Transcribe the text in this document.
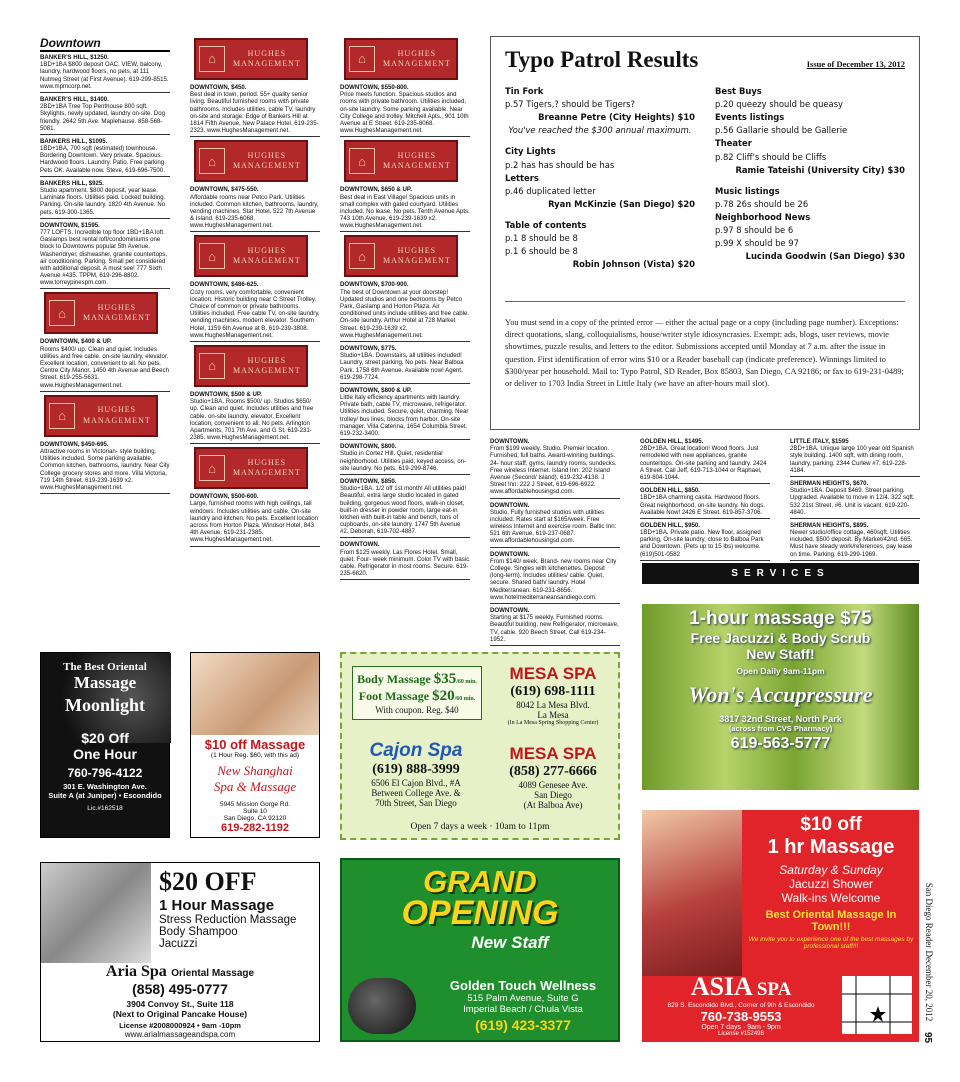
Downtown
BANKER'S HILL, $1250.
1BD+1BA $800 deposit OAC. VIEW, balcony, laundry, hardwood floors, no pets, at 111 Nutmeg Street (at First Avenue). 619-299-8515. www.mpmcorp.net.
BANKER'S HILL, $1400.
2BD+1BA Tree Top Penthouse 800 sqft. Skylights, newly updated, laundry on-site. Dog friendly. 2642 5th Ave. Maplehause. 858-568-5081.
BANKERS HILL, $1095.
1BD+1BA, 700 sqft (estimated) townhouse. Bordering Downtown. Very private. Spacious. Hardwood floors. Laundry. Patio. Free parking. Pets OK. Available now. Steve, 619-696-7500.
BANKERS HILL, $925.
Studio apartment. $800 deposit, year lease. Laminate floors. Utilities paid. Locked building. Parking. On-site laundry. 1820 4th Avenue. No pets. 619-300-1365.
DOWNTOWN, $1595.
777 LOFTS. Incredible top floor 1BD+1BA loft. Gaslamps best rental loft/condominiums one block to Downtowns popular 5th Avenue. Washer/dryer, dishwasher, granite countertops, air conditioning. Parking. Small pet considered with additional deposit. A must see! 777 Sixth Avenue #435. TPPM, 619-296-8802. www.torreypinespm.com.
⌂	HUGHES
MANAGEMENT
DOWNTOWN, $400 & UP.
Rooms $400/ up. Clean and quiet. Includes utilities and free cable. on-site laundry, elevator. Excellent location, convenient to all. No pets. Centre City Manor, 1450 4th Avenue and Beech Street. 619-255-5631. www.HughesManagement.net.
⌂	HUGHES
MANAGEMENT
DOWNTOWN, $450-695.
Attractive rooms in Victorian- style building. Utilities included. Some parking available. Common kitchen, bathrooms, laundry. Near City College grocery stores and more. Villa Victoria, 719 14th Street. 619-239-1639 x2. www.HughesManagement.net.
⌂	HUGHES
MANAGEMENT
DOWNTOWN, $450.
Best deal in town, period. 55+ quality senior living. Beautiful furnished rooms with private bathrooms. Includes utilities, cable TV, laundry on-site and storage. Edge of Bankers Hill at 1814 Fifth Avenue, New Palace Hotel. 619-235-2323. www.HughesManagement.net.
⌂	HUGHES
MANAGEMENT
DOWNTOWN, $475-550.
Affordable rooms near Petco Park. Utilities included. Common kitchen, bathrooms, laundry, vending machines. Star Hotel, 522 7th Avenue & Island. 619-235-6068. www.HughesManagement.net.
⌂	HUGHES
MANAGEMENT
DOWNTOWN, $486-625.
Cozy rooms, very comfortable, convenient location. Historic building near C Street Trolley. Choice of common or private bathrooms. Utilities included. Free cable TV, on-site laundry, vending machines, modern elevator. Southern Hotel, 1159 6th Avenue at B. 619-239-3808. www.HughesManagement.net.
⌂	HUGHES
MANAGEMENT
DOWNTOWN, $500 & UP.
Studio+1BA. Rooms $500/ up. Studios $650/ up. Clean and quiet. Includes utilities and free cable. on-site laundry, elevator. Excellent location, convenient to all. No pets. Arlington Apartments, 701 7th Ave. and G St. 619-231-2385. www.HughesManagement.net.
⌂	HUGHES
MANAGEMENT
DOWNTOWN, $500-600.
Large, furnished rooms with high ceilings, tall windows. Includes utilities and cable. On-site laundry and kitchen. No pets. Excellent location across from Horton Plaza. Windsor Hotel, 843 4th Avenue. 619-231-2385. www.HughesManagement.net.
⌂	HUGHES
MANAGEMENT
DOWNTOWN, $550-800.
Price meets function. Spacious studios and rooms with private bathroom. Utilities included, on-site laundry. Some parking available. Near City College and trolley. Mitchell Apts., 901 10th Avenue at E Street. 619-235-8068. www.HughesManagement.net.
⌂	HUGHES
MANAGEMENT
DOWNTOWN, $650 & UP.
Best deal in East Village! Spacious units in small complex with gated courtyard. Utilities included. No lease. No pets. Tenth Avenue Apts. 743 10th Avenue. 619-239-1639 x2. www.HughesManagement.net.
⌂	HUGHES
MANAGEMENT
DOWNTOWN, $700-900.
The best of Downtown at your doorstep! Updated studios and one bedrooms by Petco Park, Gaslamp and Horton Plaza. Air conditioned units include utilities and free cable. On-site laundry. Arthur Hotel at 728 Market Street. 619-239-1639 x2. www.HughesManagement.net.
DOWNTOWN, $775.
Studio+1BA. Downstairs, all utilities included! Laundry, street parking. No pets. Near Balboa Park. 1758 6th Avenue. Available now! Agent, 619-298-7724.
DOWNTOWN, $800 & UP.
Little Italy efficiency apartments with laundry. Private bath, cable TV, microwave, refrigerator. Utilities included. Secure, quiet, charming. Near trolley/ bus lines, blocks from harbor. On-site manager. Villa Caterina, 1654 Columbia Street. 619-232-3400.
DOWNTOWN, $800.
Studio in Cortez Hill. Quiet, residential neighborhood. Utilities paid, keyed access, on-site laundry. No pets. 619-299-8746.
DOWNTOWN, $850.
Studio+1BA. 1/2 off 1st month! All utilities paid! Beautiful, extra large studio located in gated building, gorgeous wood floors, walk-in closet, built-in dresser in powder room, large eat-in kitchen with built-in table and bench, tons of cupboards, on-site laundry. 1747 5th Avenue #2. Deborah, 619-702-4887.
DOWNTOWN.
From $125 weekly. Las Flores Hotel. Small, quiet. Four- week minimum. Color TV with basic cable. Refrigerator in most rooms. Secure. 619-235-6820.
DOWNTOWN.
From $199 weekly. Studio. Premier location. Furnished, full baths. Award-winning buildings. 24- hour staff, gyms, laundry rooms, sundecks. Free wireless Internet. Island Inn: 202 Island Avenue (Second/ Island), 619-232-4138. J Street Inn: 222 J Street, 619-696-6922. www.affordablehousingsd.com.
DOWNTOWN.
Studio. Fully furnished studios with utilities included. Rates start at $165/week. Free wireless Internet and exercise room. Baltic Inn: 521 6th Avenue, 619-237-0687. www.affordablehousingsd.com.
DOWNTOWN.
From $140/ week. Brand- new rooms near City College. Singles with kitchenettes. Deposit (long-term). Includes utilities/ cable. Quiet, secure. Shared bath/ laundry. Hotel Mediterranean. 619-231-8656. www.hotelmediterraneansandiego.com.
DOWNTOWN.
Starting at $175 weekly. Furnished rooms. Beautiful building, new Refrigerator, microwave, TV, cable. 920 Beech Street. Call 619-234-1952.
GOLDEN HILL, $1495.
2BD+1BA. Great location! Wood floors. Just remodeled with new appliances, granite countertops. On-site parking and laundry. 2424 A Street. Call Jeff, 619-713-1044 or Raphael, 619-804-1044.
GOLDEN HILL, $850.
1BD+1BA charming casita. Hardwood floors. Great neighborhood, on-site laundry. No dogs. Available Now! 2426 E Street. 619-857-3706.
GOLDEN HILL, $950.
1BD+1BA. Private patio. New floor, assigned parking, On-site laundry, close to Balboa Park and Downtown. (Pets up to 15 lbs) welcome. (619)501-0582
LITTLE ITALY, $1595
2BD+1BA. Unique large 100 year old Spanish style building. 1400 sqft, with dining room, laundry, parking. 2344 Curlew #7. 619-228-4184.
SHERMAN HEIGHTS, $670.
Studio+1BA. Deposit $469. Street parking. Upgraded. Available to move in 12/4. 322 sqft. 532 21st Street, #6. Unit is vacant. 619-220-4840.
SHERMAN HEIGHTS, $895.
Newer studio/office cottage, 460sqft. Utilities included. $500 deposit. By Market/42nd. 665. Must have steady work/references, pay lease on time. Parking. 619-299-1969.
Typo Patrol Results	Issue of December 13, 2012
Tin Fork
p.57 Tigers,? should be Tigers?
Breanne Petre (City Heights) $10
You've reached the $300 annual maximum.
City Lights
p.2 has has should be has
Letters
p.46 duplicated letter
Ryan McKinzie (San Diego) $20
Table of contents
p.1 8 should be 8
p.1 6 should be 8
Robin Johnson (Vista) $20
Best Buys
p.20 queezy should be queasy
Events listings
p.56 Gallarie should be Gallerie
Theater
p.82 Cliff's should be Cliffs
Ramie Tateishi (University City) $30
Music listings
p.78 26s should be 26
Neighborhood News
p.97 8 should be 6
p.99 X should be 97
Lucinda Goodwin (San Diego) $30
You must send in a copy of the printed error — either the actual page or a copy (including page number). Exceptions: direct quotations, slang, colloquialisms, house/writer style idiosyncrasies. Exempt: ads, blogs, user reviews, movie showtimes, puzzle results, and letters to the editor. Submissions accepted until Monday at 7 a.m. after the issue in question. First identification of error wins $10 or a Reader baseball cap (indicate preference). Winnings limited to $300/year per household. Mail to: Typo Patrol, SD Reader, Box 85803, San Diego, CA 92186; or fax to 619-231-0489; or deliver to 1703 India Street in Little Italy (we have an after-hours mail slot).
SERVICES
The Best Oriental
Massage
Moonlight
$20 Off
One Hour
760-796-4122
301 E. Washington Ave.
Suite A (at Juniper) • Escondido
Lic.#162518
$10 off Massage
(1 Hour Reg. $60, with this ad)
New Shanghai
Spa & Massage
5945 Mission Gorge Rd.
Suite 10
San Diego, CA 92120
619-282-1192
Body Massage $35/60 min.
Foot Massage $20/60 min.
With coupon. Reg. $40
MESA SPA
(619) 698-1111
8042 La Mesa Blvd.
La Mesa
(In La Mesa Spring Shopping Center)
Cajon Spa
(619) 888-3999
6506 El Cajon Blvd., #A
Between College Ave. &
70th Street, San Diego
MESA SPA
(858) 277-6666
4089 Genesee Ave.
San Diego
(At Balboa Ave)
Open 7 days a week · 10am to 11pm
1-hour massage $75
Free Jacuzzi & Body Scrub
New Staff!
Open Daily 9am-11pm
Won's Accupressure
3817 32nd Street, North Park
(across from CVS Pharmacy)
619-563-5777
$20 OFF
1 Hour Massage
Stress Reduction Massage
Body Shampoo
Jacuzzi
Aria Spa Oriental Massage
(858) 495-0777
3904 Convoy St., Suite 118
(Next to Original Pancake House)
License #2008000924 • 9am -10pm
www.arialmassageandspa.com
GRAND
OPENING
New Staff
Golden Touch Wellness
515 Palm Avenue, Suite G
Imperial Beach / Chula Vista
(619) 423-3377
$10 off
1 hr Massage
Saturday & Sunday
Jacuzzi Shower
Walk-ins Welcome
Best Oriental Massage In Town!!!
We invite you to experience one of the best massages by professional staff!!!
ASIA SPA
829 S. Escondido Blvd., Corner of 9th & Escondido
760-738-9553
Open 7 days · 9am - 9pm
License #152498
San Diego Reader December 20, 2012
95
